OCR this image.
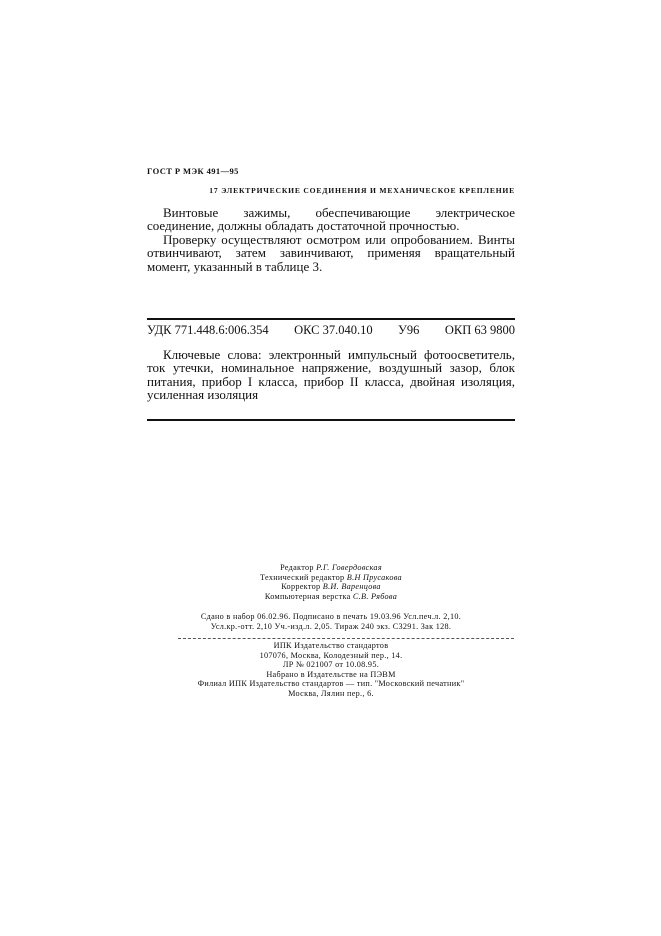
ГОСТ Р МЭК 491—95
17 ЭЛЕКТРИЧЕСКИЕ СОЕДИНЕНИЯ И МЕХАНИЧЕСКОЕ КРЕПЛЕНИЕ

Винтовые зажимы, обеспечивающие электрическое соединение, должны обладать достаточной прочностью.

Проверку осуществляют осмотром или опробованием. Винты отвинчивают, затем завинчивают, применяя вращательный момент, указанный в таблице 3.

УДК 771.448.6:006.354 ОКС 37.040.10 У96 ОКП 63 9800

Ключевые слова: электронный импульсный фотоосветитель, ток утечки, номинальное напряжение, воздушный зазор, блок питания, прибор I класса, прибор II класса, двойная изоляция, усиленная изоляция

Редактор Р.Г. Говердовская
Технический редактор В.Н Прусакова
Корректор В.И. Варенцова
Компьютерная верстка С.В. Рябова
Сдано в набор 06.02.96. Подписано в печать 19.03.96 Усл.печ.л. 2,10.
Усл.кр.-отт. 2,10 Уч.-изд.л. 2,05. Тираж 240 экз. С3291. Зак 128.
ИПК Издательство стандартов
107076, Москва, Колодезный пер., 14.
ЛР № 021007 от 10.08.95.
Набрано в Издательстве на ПЭВМ
Филиал ИПК Издательство стандартов — тип. "Московский печатник"
Москва, Лялин пер., 6.
